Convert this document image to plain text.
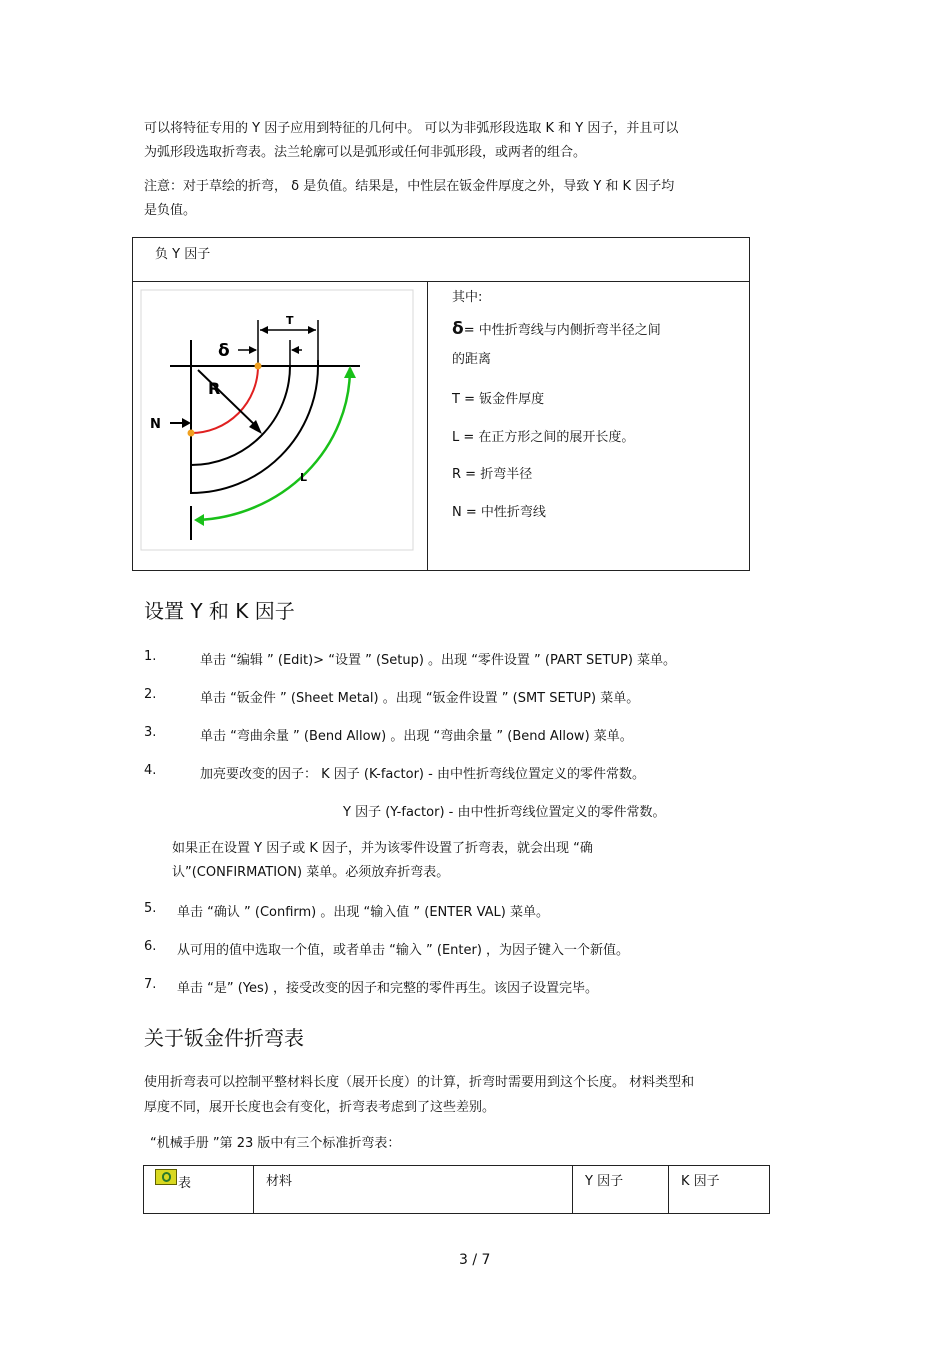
可以将特征专用的 Y 因子应用到特征的几何中。 可以为非弧形段选取 K 和 Y 因子，并且可以
为弧形段选取折弯表。法兰轮廓可以是弧形或任何非弧形段，或两者的组合。
注意：对于草绘的折弯， δ 是负值。结果是，中性层在钣金件厚度之外，导致 Y 和 K 因子均
是负值。
负 Y 因子
T
δ
R
N
L
其中:
δ= 中性折弯线与内侧折弯半径之间
的距离
T = 钣金件厚度
L = 在正方形之间的展开长度。
R = 折弯半径
N = 中性折弯线
设置 Y 和 K 因子
1.	单击 “编辑 ” (Edit)> “设置 ” (Setup) 。出现 “零件设置 ” (PART SETUP) 菜单。
2.	单击 “钣金件 ” (Sheet Metal) 。出现 “钣金件设置 ” (SMT SETUP) 菜单。
3.	单击 “弯曲余量 ” (Bend Allow) 。出现 “弯曲余量 ” (Bend Allow) 菜单。
4.	加亮要改变的因子： K 因子 (K-factor) - 由中性折弯线位置定义的零件常数。
Y 因子 (Y-factor) - 由中性折弯线位置定义的零件常数。
如果正在设置 Y 因子或 K 因子，并为该零件设置了折弯表，就会出现 “确
认”(CONFIRMATION) 菜单。必须放弃折弯表。
5. 单击 “确认 ” (Confirm) 。出现 “输入值 ” (ENTER VAL) 菜单。
6. 从可用的值中选取一个值，或者单击 “输入 ” (Enter) ，为因子键入一个新值。
7. 单击 “是” (Yes) ，接受改变的因子和完整的零件再生。该因子设置完毕。
关于钣金件折弯表
使用折弯表可以控制平整材料长度（展开长度）的计算，折弯时需要用到这个长度。 材料类型和
厚度不同，展开长度也会有变化，折弯表考虑到了这些差别。
“机械手册 ”第 23 版中有三个标准折弯表：
表	材料	Y 因子	K 因子
3 / 7
